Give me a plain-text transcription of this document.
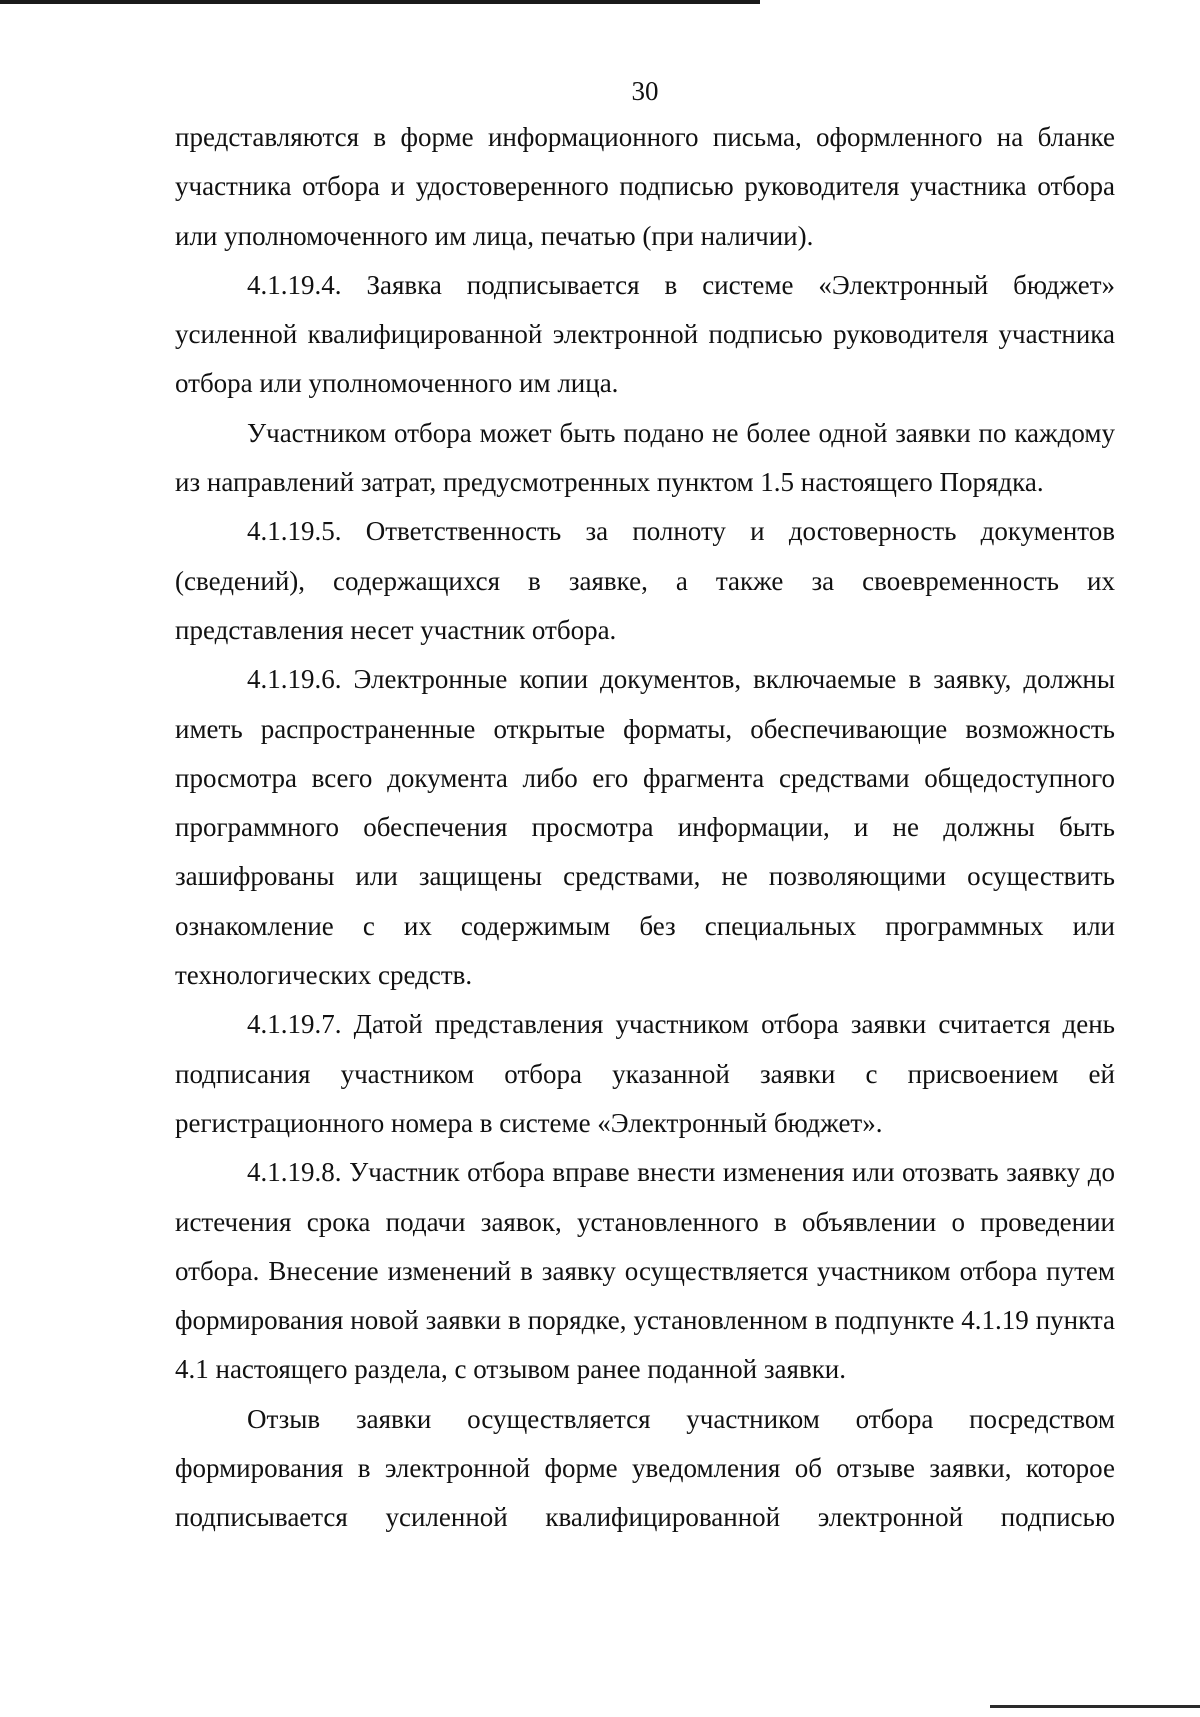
30

представляются в форме информационного письма, оформленного на бланке участника отбора и удостоверенного подписью руководителя участника отбора или уполномоченного им лица, печатью (при наличии).

4.1.19.4. Заявка подписывается в системе «Электронный бюджет» усиленной квалифицированной электронной подписью руководителя участника отбора или уполномоченного им лица.

Участником отбора может быть подано не более одной заявки по каждому из направлений затрат, предусмотренных пунктом 1.5 настоящего Порядка.

4.1.19.5. Ответственность за полноту и достоверность документов (сведений), содержащихся в заявке, а также за своевременность их представления несет участник отбора.

4.1.19.6. Электронные копии документов, включаемые в заявку, должны иметь распространенные открытые форматы, обеспечивающие возможность просмотра всего документа либо его фрагмента средствами общедоступного программного обеспечения просмотра информации, и не должны быть зашифрованы или защищены средствами, не позволяющими осуществить ознакомление с их содержимым без специальных программных или технологических средств.

4.1.19.7. Датой представления участником отбора заявки считается день подписания участником отбора указанной заявки с присвоением ей регистрационного номера в системе «Электронный бюджет».

4.1.19.8. Участник отбора вправе внести изменения или отозвать заявку до истечения срока подачи заявок, установленного в объявлении о проведении отбора. Внесение изменений в заявку осуществляется участником отбора путем формирования новой заявки в порядке, установленном в подпункте 4.1.19 пункта 4.1 настоящего раздела, с отзывом ранее поданной заявки.

Отзыв заявки осуществляется участником отбора посредством формирования в электронной форме уведомления об отзыве заявки, которое подписывается усиленной квалифицированной электронной подписью
